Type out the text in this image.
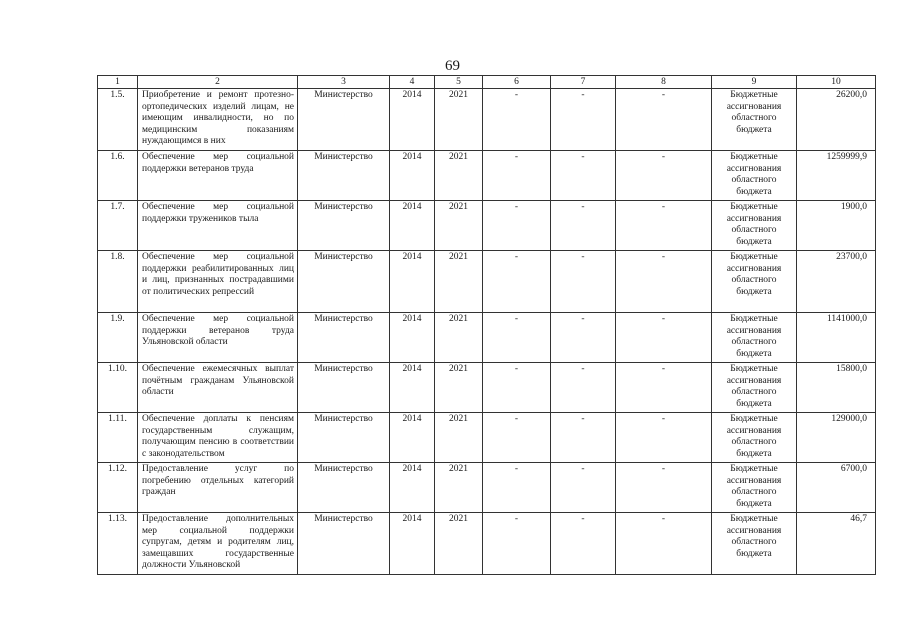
69
1	2	3	4	5	6	7	8	9	10
1.5.	Приобретение и ремонт протезно-ортопедических изделий лицам, не имеющим инвалидности, но по медицинским показаниям нуждающимся в них	Министерство	2014	2021	-	-	-	Бюджетные ассигнования областного бюджета	26200,0
1.6.	Обеспечение мер социальной поддержки ветеранов труда	Министерство	2014	2021	-	-	-	Бюджетные ассигнования областного бюджета	1259999,9
1.7.	Обеспечение мер социальной поддержки тружеников тыла	Министерство	2014	2021	-	-	-	Бюджетные ассигнования областного бюджета	1900,0
1.8.	Обеспечение мер социальной поддержки реабилитированных лиц и лиц, признанных пострадавшими от политических репрессий	Министерство	2014	2021	-	-	-	Бюджетные ассигнования областного бюджета	23700,0
1.9.	Обеспечение мер социальной поддержки ветеранов труда Ульяновской области	Министерство	2014	2021	-	-	-	Бюджетные ассигнования областного бюджета	1141000,0
1.10.	Обеспечение ежемесячных выплат почётным гражданам Ульяновской области	Министерство	2014	2021	-	-	-	Бюджетные ассигнования областного бюджета	15800,0
1.11.	Обеспечение доплаты к пенсиям государственным служащим, получающим пенсию в соответствии с законодательством	Министерство	2014	2021	-	-	-	Бюджетные ассигнования областного бюджета	129000,0
1.12.	Предоставление услуг по погребению отдельных категорий граждан	Министерство	2014	2021	-	-	-	Бюджетные ассигнования областного бюджета	6700,0
1.13.	Предоставление дополнительных мер социальной поддержки супругам, детям и родителям лиц, замещавших государственные должности Ульяновской	Министерство	2014	2021	-	-	-	Бюджетные ассигнования областного бюджета	46,7
